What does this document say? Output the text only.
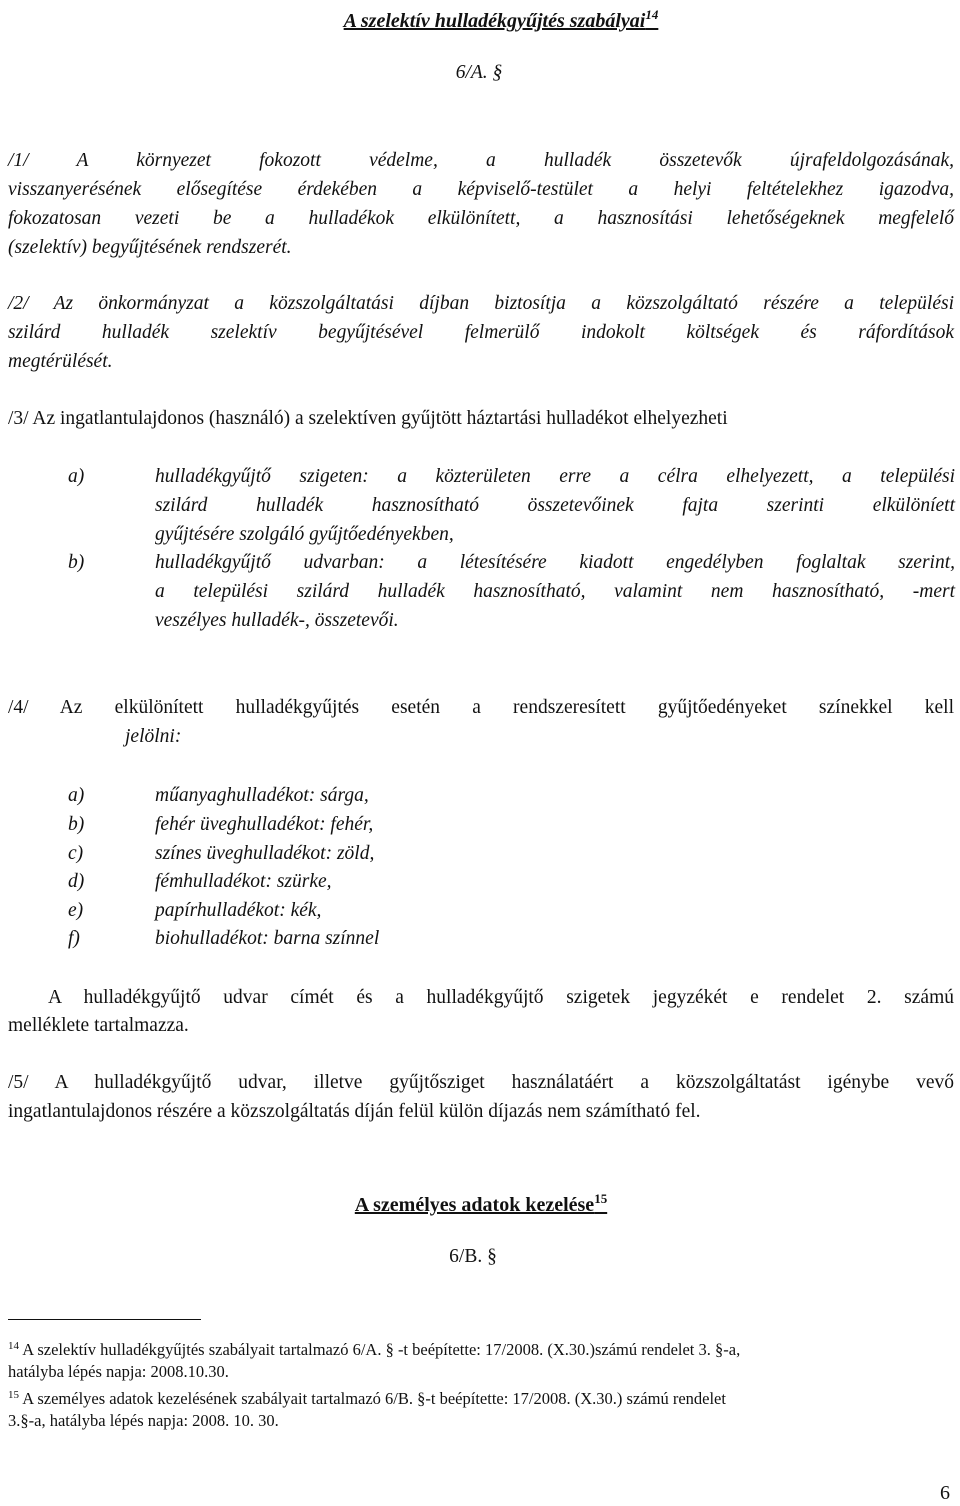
A szelektív hulladékgyűjtés szabályai$^{14}$
6/A. §
/1/ A környezet fokozott védelme, a hulladék összetevők újrafeldolgozásának,
visszanyerésének elősegítése érdekében a képviselő-testület a helyi feltételekhez igazodva,
fokozatosan vezeti be a hulladékok elkülönített, a hasznosítási lehetőségeknek megfelelő
(szelektív) begyűjtésének rendszerét.
/2/ Az önkormányzat a közszolgáltatási díjban biztosítja a közszolgáltató részére a települési
szilárd hulladék szelektív begyűjtésével felmerülő indokolt költségek és ráfordítások
megtérülését.
/3/ Az ingatlantulajdonos (használó) a szelektíven gyűjtött háztartási hulladékot elhelyezheti
a)	hulladékgyűjtő szigeten: a közterületen erre a célra elhelyezett, a települési
szilárd hulladék hasznosítható összetevőinek fajta szerinti elkülöníett
gyűjtésére szolgáló gyűjtőedényekben,
b)	hulladékgyűjtő udvarban: a létesítésére kiadott engedélyben foglaltak szerint,
a települési szilárd hulladék hasznosítható, valamint nem hasznosítható, -mert
veszélyes hulladék-, összetevői.
/4/ Az elkülönített hulladékgyűjtés esetén a rendszeresített gyűjtőedényeket színekkel kell
jelölni:
a)	műanyaghulladékot: sárga,
b)	fehér üveghulladékot: fehér,
c)	színes üveghulladékot: zöld,
d)	fémhulladékot: szürke,
e)	papírhulladékot: kék,
f)	biohulladékot: barna színnel
A hulladékgyűjtő udvar címét és a hulladékgyűjtő szigetek jegyzékét e rendelet 2. számú
melléklete tartalmazza.
/5/ A hulladékgyűjtő udvar, illetve gyűjtősziget használatáért a közszolgáltatást igénybe vevő
ingatlantulajdonos részére a közszolgáltatás díján felül külön díjazás nem számítható fel.
A személyes adatok kezelése$^{15}$
6/B. §
$^{14}$ A szelektív hulladékgyűjtés szabályait tartalmazó 6/A. § -t beépítette: 17/2008. (X.30.)számú rendelet 3. §-a,
hatályba lépés napja: 2008.10.30.
$^{15}$ A személyes adatok kezelésének szabályait tartalmazó 6/B. §-t beépítette: 17/2008. (X.30.) számú rendelet
3.§-a, hatályba lépés napja: 2008. 10. 30.
6
